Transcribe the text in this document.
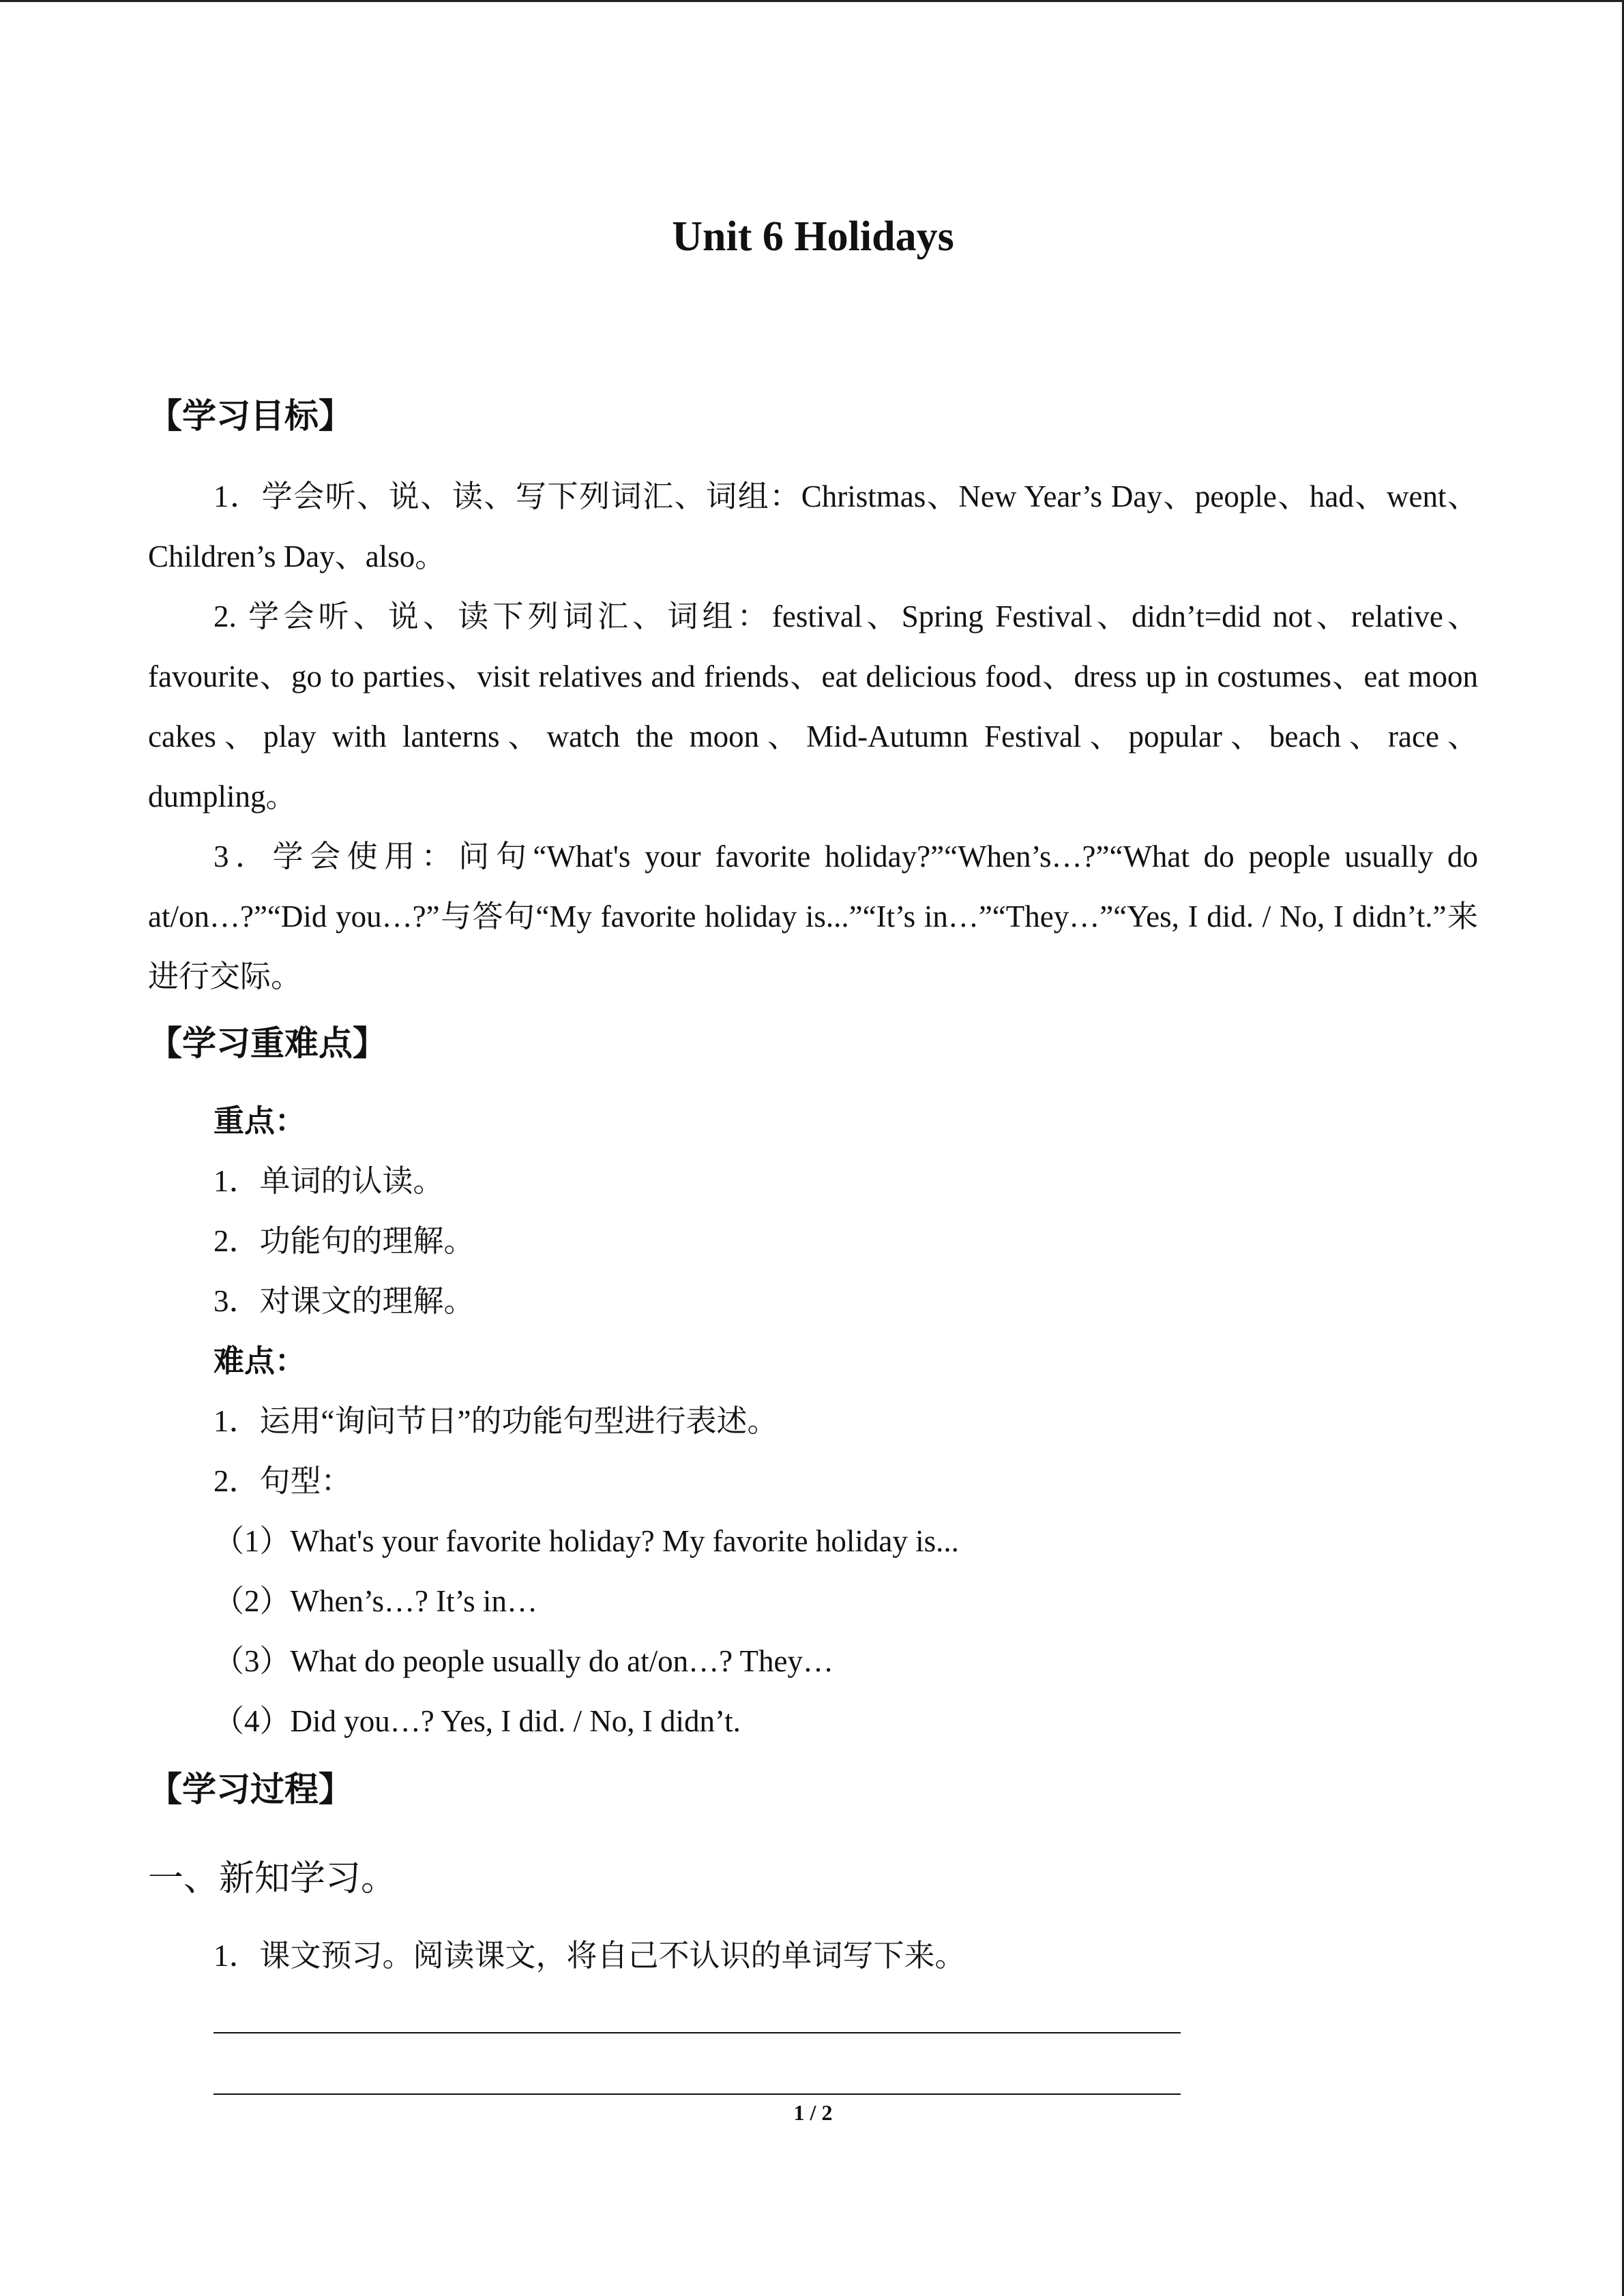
Unit 6 Holidays
【学习目标】

1．学会听、说、读、写下列词汇、词组：Christmas、New Year’s Day、people、had、went、Children’s Day、also。

2. 学会听、说、读下列词汇、词组：festival、Spring Festival、didn’t=did not、relative、favourite、go to parties、visit relatives and friends、eat delicious food、dress up in costumes、eat moon cakes、play with lanterns、watch the moon、Mid-Autumn Festival、popular、beach、race、dumpling。

3．学会使用：问句“What's your favorite holiday?”“When’s…?”“What do people usually do at/on…?”“Did you…?”与答句“My favorite holiday is...”“It’s in…”“They…”“Yes, I did. / No, I didn’t.”来进行交际。

【学习重难点】

重点：

1．单词的认读。

2．功能句的理解。

3．对课文的理解。

难点：

1．运用“询问节日”的功能句型进行表述。

2．句型：

（1）What's your favorite holiday? My favorite holiday is...

（2）When’s…? It’s in…

（3）What do people usually do at/on…? They…

（4）Did you…? Yes, I did. / No, I didn’t.

【学习过程】

一、新知学习。

1．课文预习。阅读课文，将自己不认识的单词写下来。

1 / 2
